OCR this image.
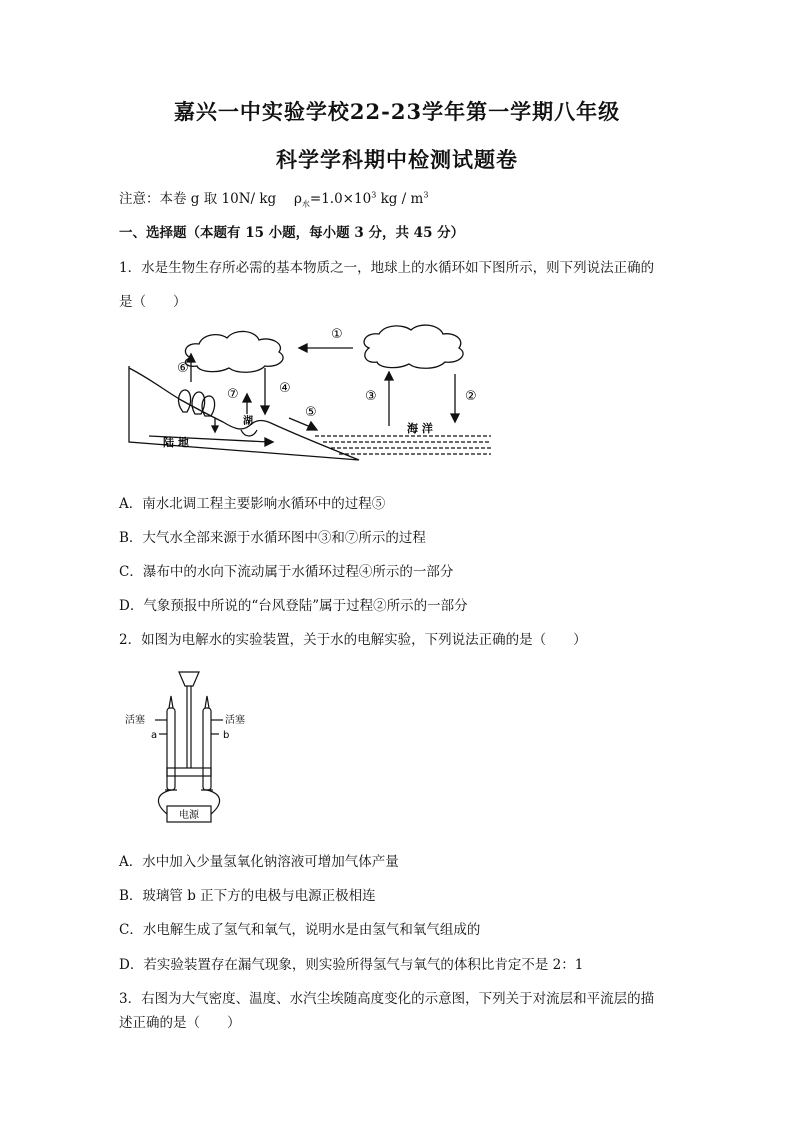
嘉兴一中实验学校22-23学年第一学期八年级
科学学科期中检测试题卷
注意：本卷 g 取 10N/ kg　 $\rho_水=1.0\times 10^3$ kg / $m^3$
一、选择题（本题有 15 小题，每小题 3 分，共 45 分）
1．水是生物生存所必需的基本物质之一，地球上的水循环如下图所示，则下列说法正确的
是（　　）
①
②
③
④
⑤
⑥
⑦
陆 地
湖
海 洋
A．南水北调工程主要影响水循环中的过程⑤
B．大气水全部来源于水循环图中③和⑦所示的过程
C．瀑布中的水向下流动属于水循环过程④所示的一部分
D．气象预报中所说的“台风登陆”属于过程②所示的一部分
2．如图为电解水的实验装置，关于水的电解实验，下列说法正确的是（　　）
活塞	活塞
a	b
电源
A．水中加入少量氢氧化钠溶液可增加气体产量
B．玻璃管 b 正下方的电极与电源正极相连
C．水电解生成了氢气和氧气，说明水是由氢气和氧气组成的
D．若实验装置存在漏气现象，则实验所得氢气与氧气的体积比肯定不是 2：1
3．右图为大气密度、温度、水汽尘埃随高度变化的示意图，下列关于对流层和平流层的描
述正确的是（　　）
